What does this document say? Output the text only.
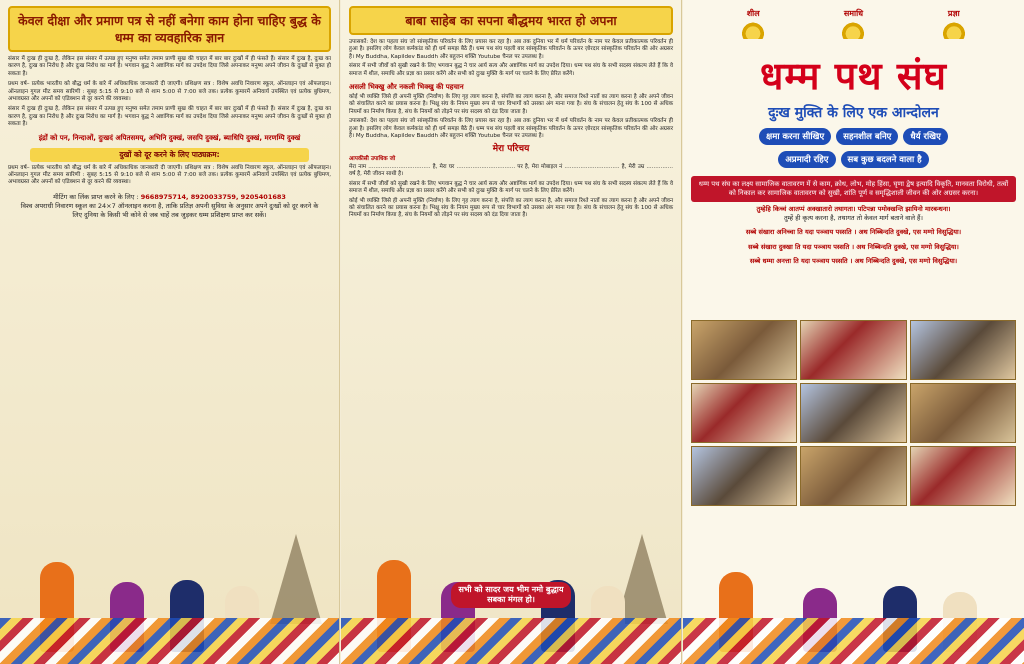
केवल दीक्षा और प्रमाण पत्र से नहीं बनेगा काम होना चाहिए बुद्ध के धम्म का व्यवहारिक ज्ञान

संसार में दुःख ही दुःख है, लेकिन इस संसार में उत्पन्न हुए मनुष्य समेत तमाम प्राणी सुख की चाहत में बार बार दुःखों में ही फंसते हैं। संसार में दुःख है, दुःख का कारण है, दुःख का निरोध है और दुःख निरोध का मार्ग है। भगवान बुद्ध ने अष्टांगिक मार्ग का उपदेश दिया जिसे अपनाकर मनुष्य अपने जीवन के दुःखों से मुक्त हो सकता है।

प्रथम वर्ष– प्रत्येक भारतीय को बौद्ध धर्म के बारे में अधिकाधिक जानकारी दी जाएगी। प्रशिक्षण सत्र : विशेष अवधि निवारण स्कूल, ऑनलाइन एवं ऑफलाइन। ऑनलाइन गूगल मीट समय सारिणी : सुबह 5:15 से 9:10 बजे से शाम 5:00 से 7:00 बजे तक। प्रत्येक कुमारमें अनिवार्य उपस्थित एवं प्रत्येक बुधिमण, अभावग्रस्त और अपनों को एडिक्शन से दूर करने की व्यवस्था।

संसार में दुःख ही दुःख है, लेकिन इस संसार में उत्पन्न हुए मनुष्य समेत तमाम प्राणी सुख की चाहत में बार बार दुःखों में ही फंसते हैं। संसार में दुःख है, दुःख का कारण है, दुःख का निरोध है और दुःख निरोध का मार्ग है। भगवान बुद्ध ने अष्टांगिक मार्ग का उपदेश दिया जिसे अपनाकर मनुष्य अपने जीवन के दुःखों से मुक्त हो सकता है।

इंद्रों को पन, निन्दाओं, दुःखदं अपितसमय्, अभिनि दुक्खं, जसपि दुक्खं, ब्याधिपि दुक्खं, मरणम्पि दुक्खं

दुखों को दूर करने के लिए पाठ्यक्रम:

प्रथम वर्ष– प्रत्येक भारतीय को बौद्ध धर्म के बारे में अधिकाधिक जानकारी दी जाएगी। प्रशिक्षण सत्र : विशेष अवधि निवारण स्कूल, ऑनलाइन एवं ऑफलाइन। ऑनलाइन गूगल मीट समय सारिणी : सुबह 5:15 से 9:10 बजे से शाम 5:00 से 7:00 बजे तक। प्रत्येक कुमारमें अनिवार्य उपस्थित एवं प्रत्येक बुधिमण, अभावग्रस्त और अपनों को एडिक्शन से दूर करने की व्यवस्था।

मीटिंग का लिंक प्राप्त करने के लिए : 9668975714, 8920033759, 9205401683
विश्व अपराधी निवारण स्कूल का 24×7 ऑनलाइन करना है, ताकि प्रतिज्ञ अपनी सुविधा के अनुसार अपने दुःखों को दूर करने के लिए दुनिया के किसी भी कोने से जब चाहें तब जुड़कर धम्म प्रशिक्षण प्राप्त कर सकें।
बाबा साहेब का सपना बौद्धमय भारत हो अपना

उपासकों: देश का पहला संघ जो सांस्कृतिक परिवर्तन के लिए प्रयास कर रहा है। अब तक दुनिया भर में धर्म परिवर्तन के नाम पर केवल प्रतीकात्मक परिवर्तन ही हुआ है। इसलिए लोग केवल कर्मकांड को ही धर्म समझ बैठे हैं। धम्म पथ संघ पहली बार सांस्कृतिक परिवर्तन के ऊपर ज़ोरदार सांस्कृतिक परिवर्तन की ओर अग्रसर है। My Buddha, Kapildev Bauddh और बहुजन शक्ति Youtube चैनल पर उपलब्ध है।

संसार में सभी जीवों को सुखी रखने के लिए भगवान बुद्ध ने चार आर्य सत्य और अष्टांगिक मार्ग का उपदेश दिया। धम्म पथ संघ के सभी सदस्य संकल्प लेते हैं कि वे समाज में शील, समाधि और प्रज्ञा का प्रसार करेंगे और सभी को दुःख मुक्ति के मार्ग पर चलने के लिए प्रेरित करेंगे।

असली भिक्खु और नकली भिक्खु की पहचान

कोई भी व्यक्ति जिसे ही अपनी मुक्ति (निर्वाण) के लिए गृह त्याग करना है, संपत्ति का त्याग करना है, और समाज रिश्ते नातों का त्याग करना है और अपने जीवन को संचालित करने का प्रयास करना है। भिक्षु संघ के नियम मुख्य रूप से चार विभागों को उसका अंग माना गया है। संघ के संचालन हेतु संघ के 100 से अधिक नियमों का निर्माण किया है, संघ के नियमों को तोड़ने पर संघ सदस्य को दंड दिया जाता है।

उपासकों: देश का पहला संघ जो सांस्कृतिक परिवर्तन के लिए प्रयास कर रहा है। अब तक दुनिया भर में धर्म परिवर्तन के नाम पर केवल प्रतीकात्मक परिवर्तन ही हुआ है। इसलिए लोग केवल कर्मकांड को ही धर्म समझ बैठे हैं। धम्म पथ संघ पहली बार सांस्कृतिक परिवर्तन के ऊपर ज़ोरदार सांस्कृतिक परिवर्तन की ओर अग्रसर है। My Buddha, Kapildev Bauddh और बहुजन शक्ति Youtube चैनल पर उपलब्ध है।

मेरा परिचय

आपकीसी उपाधिक जो

मेरा नाम ................................... है, मेरा घर ................................. पर है, मेरा मोबाइल नं ............................... है, मेरी उम्र ............... वर्ष है, मेरी जीवन साथी है।

संसार में सभी जीवों को सुखी रखने के लिए भगवान बुद्ध ने चार आर्य सत्य और अष्टांगिक मार्ग का उपदेश दिया। धम्म पथ संघ के सभी सदस्य संकल्प लेते हैं कि वे समाज में शील, समाधि और प्रज्ञा का प्रसार करेंगे और सभी को दुःख मुक्ति के मार्ग पर चलने के लिए प्रेरित करेंगे।

कोई भी व्यक्ति जिसे ही अपनी मुक्ति (निर्वाण) के लिए गृह त्याग करना है, संपत्ति का त्याग करना है, और समाज रिश्ते नातों का त्याग करना है और अपने जीवन को संचालित करने का प्रयास करना है। भिक्षु संघ के नियम मुख्य रूप से चार विभागों को उसका अंग माना गया है। संघ के संचालन हेतु संघ के 100 से अधिक नियमों का निर्माण किया है, संघ के नियमों को तोड़ने पर संघ सदस्य को दंड दिया जाता है।

सभी को सादर जय भीम नमो बुद्धाय सबका मंगल हो।
शील	समाधि	प्रज्ञा
धम्म पथ संघ
दुःख मुक्ति के लिए एक आन्दोलन
क्षमा करना सीखिए	सहनशील बनिए	धैर्य रखिए
अप्रमादी रहिए	सब कुछ बदलने वाला है
धम्म पथ संघ का लक्ष्य सामाजिक वातावरण में से काम, क्रोध, लोभ, मोह हिंसा, घृणा द्वेष इत्यादि विकृति, मानवता विरोधी, तत्वों को निकाल कर सामाजिक वातावरण को सुखी, शांति पूर्ण व समृद्धिशाली जीवन की ओर अग्रसर करना।
तुम्हेहि किच्चं आतप्पं अक्खातारो तथागता। पटिपन्ना पमोक्खन्ति झायिनो मारबन्धना।
तुम्हें ही कृत्य करना है, तथागत तो केवल मार्ग बताने वाले हैं।
सब्बे संखारा अनिच्चा ति यदा पञ्ञाय पस्सति । अथ निब्बिन्दति दुक्खे, एस मग्गो विसुद्धिया।
सब्बे संखारा दुक्खा ति यदा पञ्ञाय पस्सति । अथ निब्बिन्दति दुक्खे, एस मग्गो विसुद्धिया।
सब्बे धम्मा अनत्ता ति यदा पञ्ञाय पस्सति । अथ निब्बिन्दति दुक्खे, एस मग्गो विसुद्धिया।
